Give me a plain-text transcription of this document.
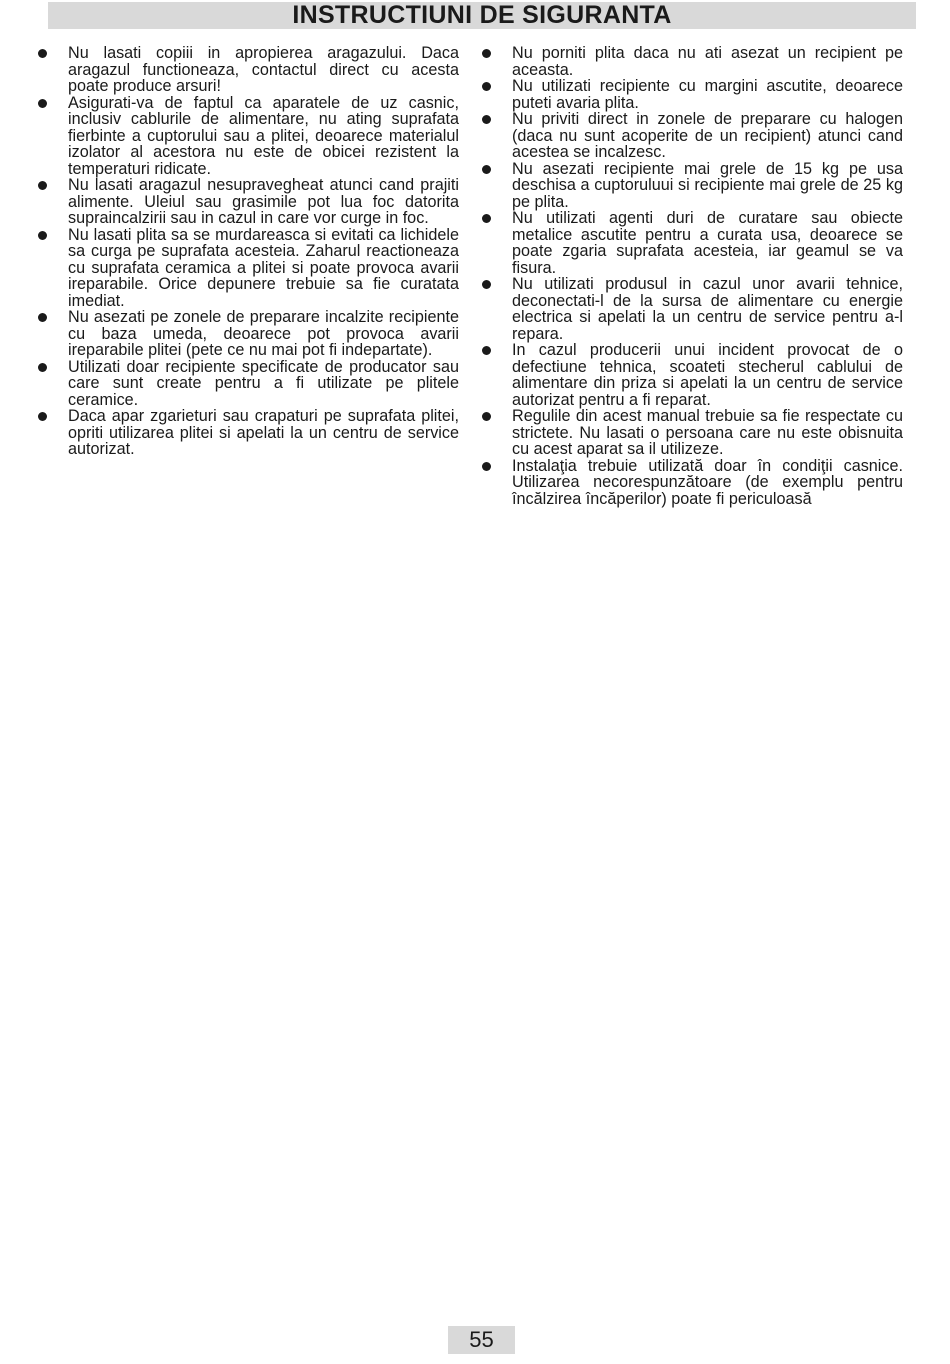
INSTRUCTIUNI DE SIGURANTA
Nu lasati copiii in apropierea aragazului. Daca aragazul functioneaza, contactul direct cu acesta poate produce arsuri!
Asigurati-va de faptul ca aparatele de uz casnic, inclusiv cablurile de alimentare, nu ating suprafata fierbinte a cuptorului sau a plitei, deoarece materialul izolator al acestora nu este de obicei rezistent la temperaturi ridicate.
Nu lasati aragazul nesupravegheat atunci cand prajiti alimente. Uleiul sau grasimile pot lua foc datorita supraincalzirii sau in cazul in care vor curge in foc.
Nu lasati plita sa se murdareasca si evitati ca lichidele sa curga pe suprafata acesteia. Zaharul reactioneaza cu suprafata ceramica a plitei si poate provoca avarii ireparabile. Orice depunere trebuie sa fie curatata imediat.
Nu asezati pe zonele de preparare incalzite recipiente cu baza umeda, deoarece pot provoca avarii ireparabile plitei (pete ce nu mai pot fi indepartate).
Utilizati doar recipiente specificate de producator sau care sunt create pentru a fi utilizate pe plitele ceramice.
Daca apar zgarieturi sau crapaturi pe suprafata plitei, opriti utilizarea plitei si apelati la un centru de service autorizat.
Nu porniti plita daca nu ati asezat un recipient pe aceasta.
Nu utilizati recipiente cu margini ascutite, deoarece puteti avaria plita.
Nu priviti direct in zonele de preparare cu halogen (daca nu sunt acoperite de un recipient) atunci cand acestea se incalzesc.
Nu asezati recipiente mai grele de 15 kg pe usa deschisa a cuptoruluui si recipiente mai grele de 25 kg pe plita.
Nu utilizati agenti duri de curatare sau obiecte metalice ascutite pentru a curata usa, deoarece se poate zgaria suprafata acesteia, iar geamul se va fisura.
Nu utilizati produsul in cazul unor avarii tehnice, deconectati-l de la sursa de alimentare cu energie electrica si apelati la un centru de service pentru a-l repara.
In cazul producerii unui incident provocat de o defectiune tehnica, scoateti stecherul cablului de alimentare din priza si apelati la un centru de service autorizat pentru a fi reparat.
Regulile din acest manual trebuie sa fie respectate cu strictete. Nu lasati o persoana care nu este obisnuita cu acest aparat sa il utilizeze.
Instalaţia trebuie utilizată doar în condiţii casnice. Utilizarea necorespunzătoare (de exemplu pentru încălzirea încăperilor) poate fi periculoasă
55
